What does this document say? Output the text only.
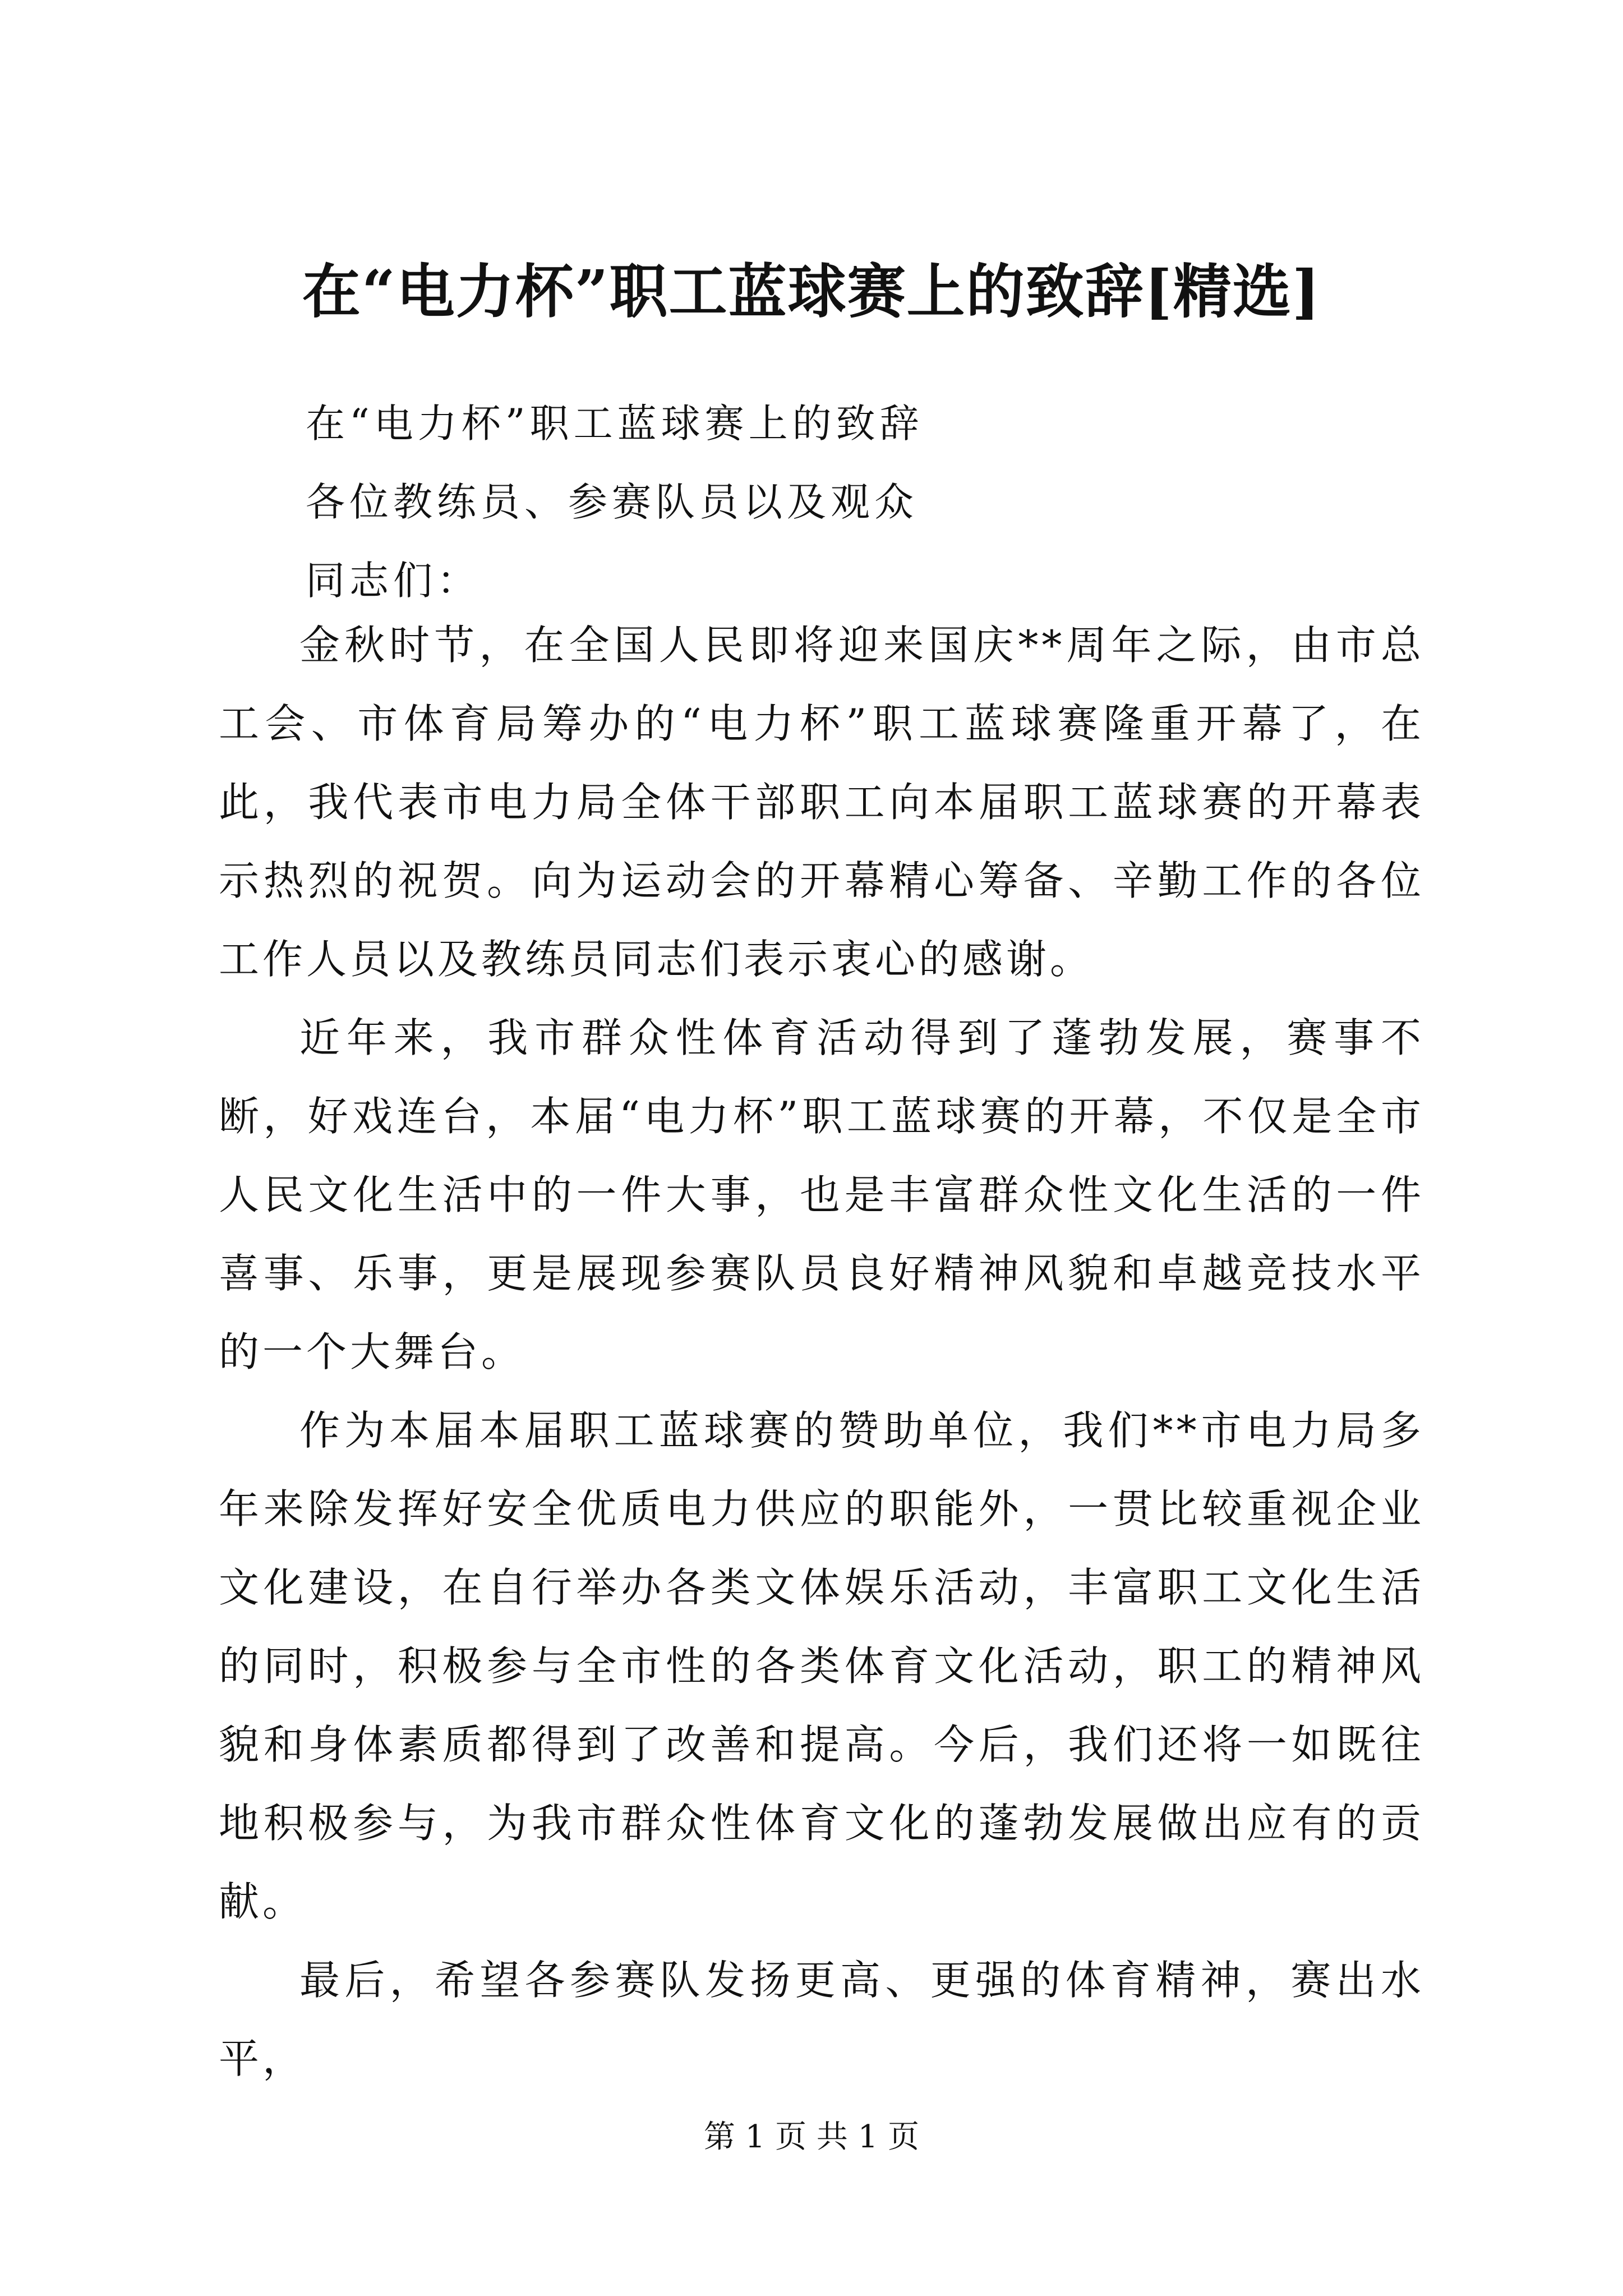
在“电力杯”职工蓝球赛上的致辞[精选]
在“电力杯”职工蓝球赛上的致辞
各位教练员、参赛队员以及观众
同志们：

金秋时节，在全国人民即将迎来国庆**周年之际，由市总工会、市体育局筹办的“电力杯”职工蓝球赛隆重开幕了，在此，我代表市电力局全体干部职工向本届职工蓝球赛的开幕表示热烈的祝贺。向为运动会的开幕精心筹备、辛勤工作的各位工作人员以及教练员同志们表示衷心的感谢。

近年来，我市群众性体育活动得到了蓬勃发展，赛事不断，好戏连台，本届“电力杯”职工蓝球赛的开幕，不仅是全市人民文化生活中的一件大事，也是丰富群众性文化生活的一件喜事、乐事，更是展现参赛队员良好精神风貌和卓越竞技水平的一个大舞台。

作为本届本届职工蓝球赛的赞助单位，我们**市电力局多年来除发挥好安全优质电力供应的职能外，一贯比较重视企业文化建设，在自行举办各类文体娱乐活动，丰富职工文化生活的同时，积极参与全市性的各类体育文化活动，职工的精神风貌和身体素质都得到了改善和提高。今后，我们还将一如既往地积极参与，为我市群众性体育文化的蓬勃发展做出应有的贡献。

最后，希望各参赛队发扬更高、更强的体育精神，赛出水平，

第 1 页 共 1 页
